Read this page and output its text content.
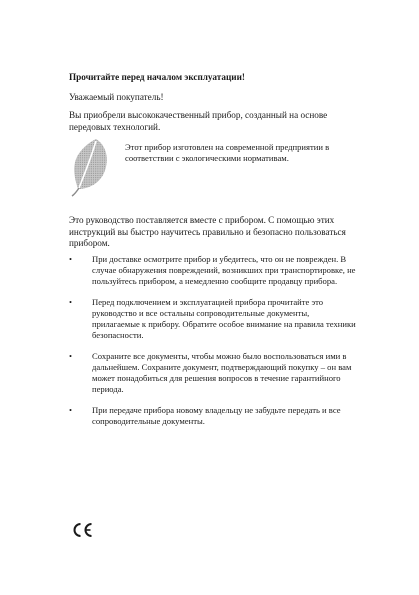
Прочитайте перед началом эксплуатации!
Уважаемый покупатель!
Вы приобрели высококачественный прибор, созданный на основе передовых технологий.
Этот прибор изготовлен на современной предприятии в соответствии с экологическими нормативам.
Это руководство поставляется вместе с прибором. С помощью этих инструкций вы быстро научитесь правильно и безопасно пользоваться прибором.
• При доставке осмотрите прибор и убедитесь, что он не поврежден. В случае обнаружения повреждений, возникших при транспортировке, не пользуйтесь прибором, а немедленно сообщите продавцу прибора.
• Перед подключением и эксплуатацией прибора прочитайте это руководство и все остальны сопроводительные документы, прилагаемые к прибору. Обратите особое внимание на правила техники безопасности.
• Сохраните все документы, чтобы можно было воспользоваться ими в дальнейшем. Сохраните документ, подтверждающий покупку – он вам может понадобиться для решения вопросов в течение гарантийного периода.
• При передаче прибора новому владельцу не забудьте передать и все сопроводительные документы.
